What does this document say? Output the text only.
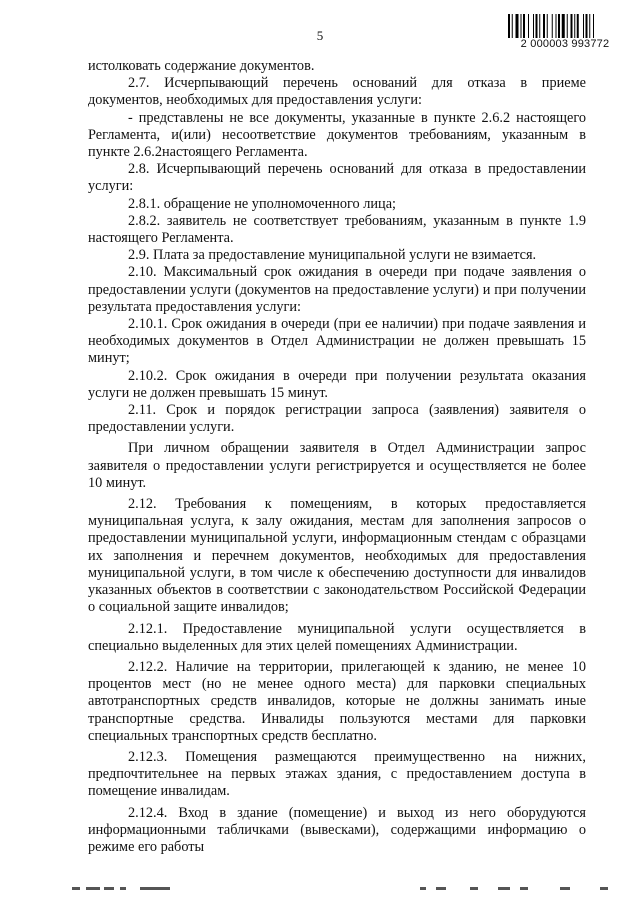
5
2 000003 993772

истолковать содержание документов.

2.7. Исчерпывающий перечень оснований для отказа в приеме документов, необходимых для предоставления услуги:

- представлены не все документы, указанные в пункте 2.6.2 настоящего Регламента, и(или) несоответствие документов требованиям, указанным в пункте 2.6.2настоящего Регламента.

2.8. Исчерпывающий перечень оснований для отказа в предоставлении услуги:

2.8.1. обращение не уполномоченного лица;

2.8.2. заявитель не соответствует требованиям, указанным в пункте 1.9 настоящего Регламента.

2.9. Плата за предоставление муниципальной услуги не взимается.

2.10. Максимальный срок ожидания в очереди при подаче заявления о предоставлении услуги (документов на предоставление услуги) и при получении результата предоставления услуги:

2.10.1. Срок ожидания в очереди (при ее наличии) при подаче заявления и необходимых документов в Отдел Администрации не должен превышать 15 минут;

2.10.2. Срок ожидания в очереди при получении результата оказания услуги не должен превышать 15 минут.

2.11. Срок и порядок регистрации запроса (заявления) заявителя о предоставлении услуги.

При личном обращении заявителя в Отдел Администрации запрос заявителя о предоставлении услуги регистрируется и осуществляется не более 10 минут.

2.12. Требования к помещениям, в которых предоставляется муниципальная услуга, к залу ожидания, местам для заполнения запросов о предоставлении муниципальной услуги, информационным стендам с образцами их заполнения и перечнем документов, необходимых для предоставления муниципальной услуги, в том числе к обеспечению доступности для инвалидов указанных объектов в соответствии с законодательством Российской Федерации о социальной защите инвалидов;

2.12.1. Предоставление муниципальной услуги осуществляется в специально выделенных для этих целей помещениях Администрации.

2.12.2. Наличие на территории, прилегающей к зданию, не менее 10 процентов мест (но не менее одного места) для парковки специальных автотранспортных средств инвалидов, которые не должны занимать иные транспортные средства. Инвалиды пользуются местами для парковки специальных транспортных средств бесплатно.

2.12.3. Помещения размещаются преимущественно на нижних, предпочтительнее на первых этажах здания, с предоставлением доступа в помещение инвалидам.

2.12.4. Вход в здание (помещение) и выход из него оборудуются информационными табличками (вывесками), содержащими информацию о режиме его работы
